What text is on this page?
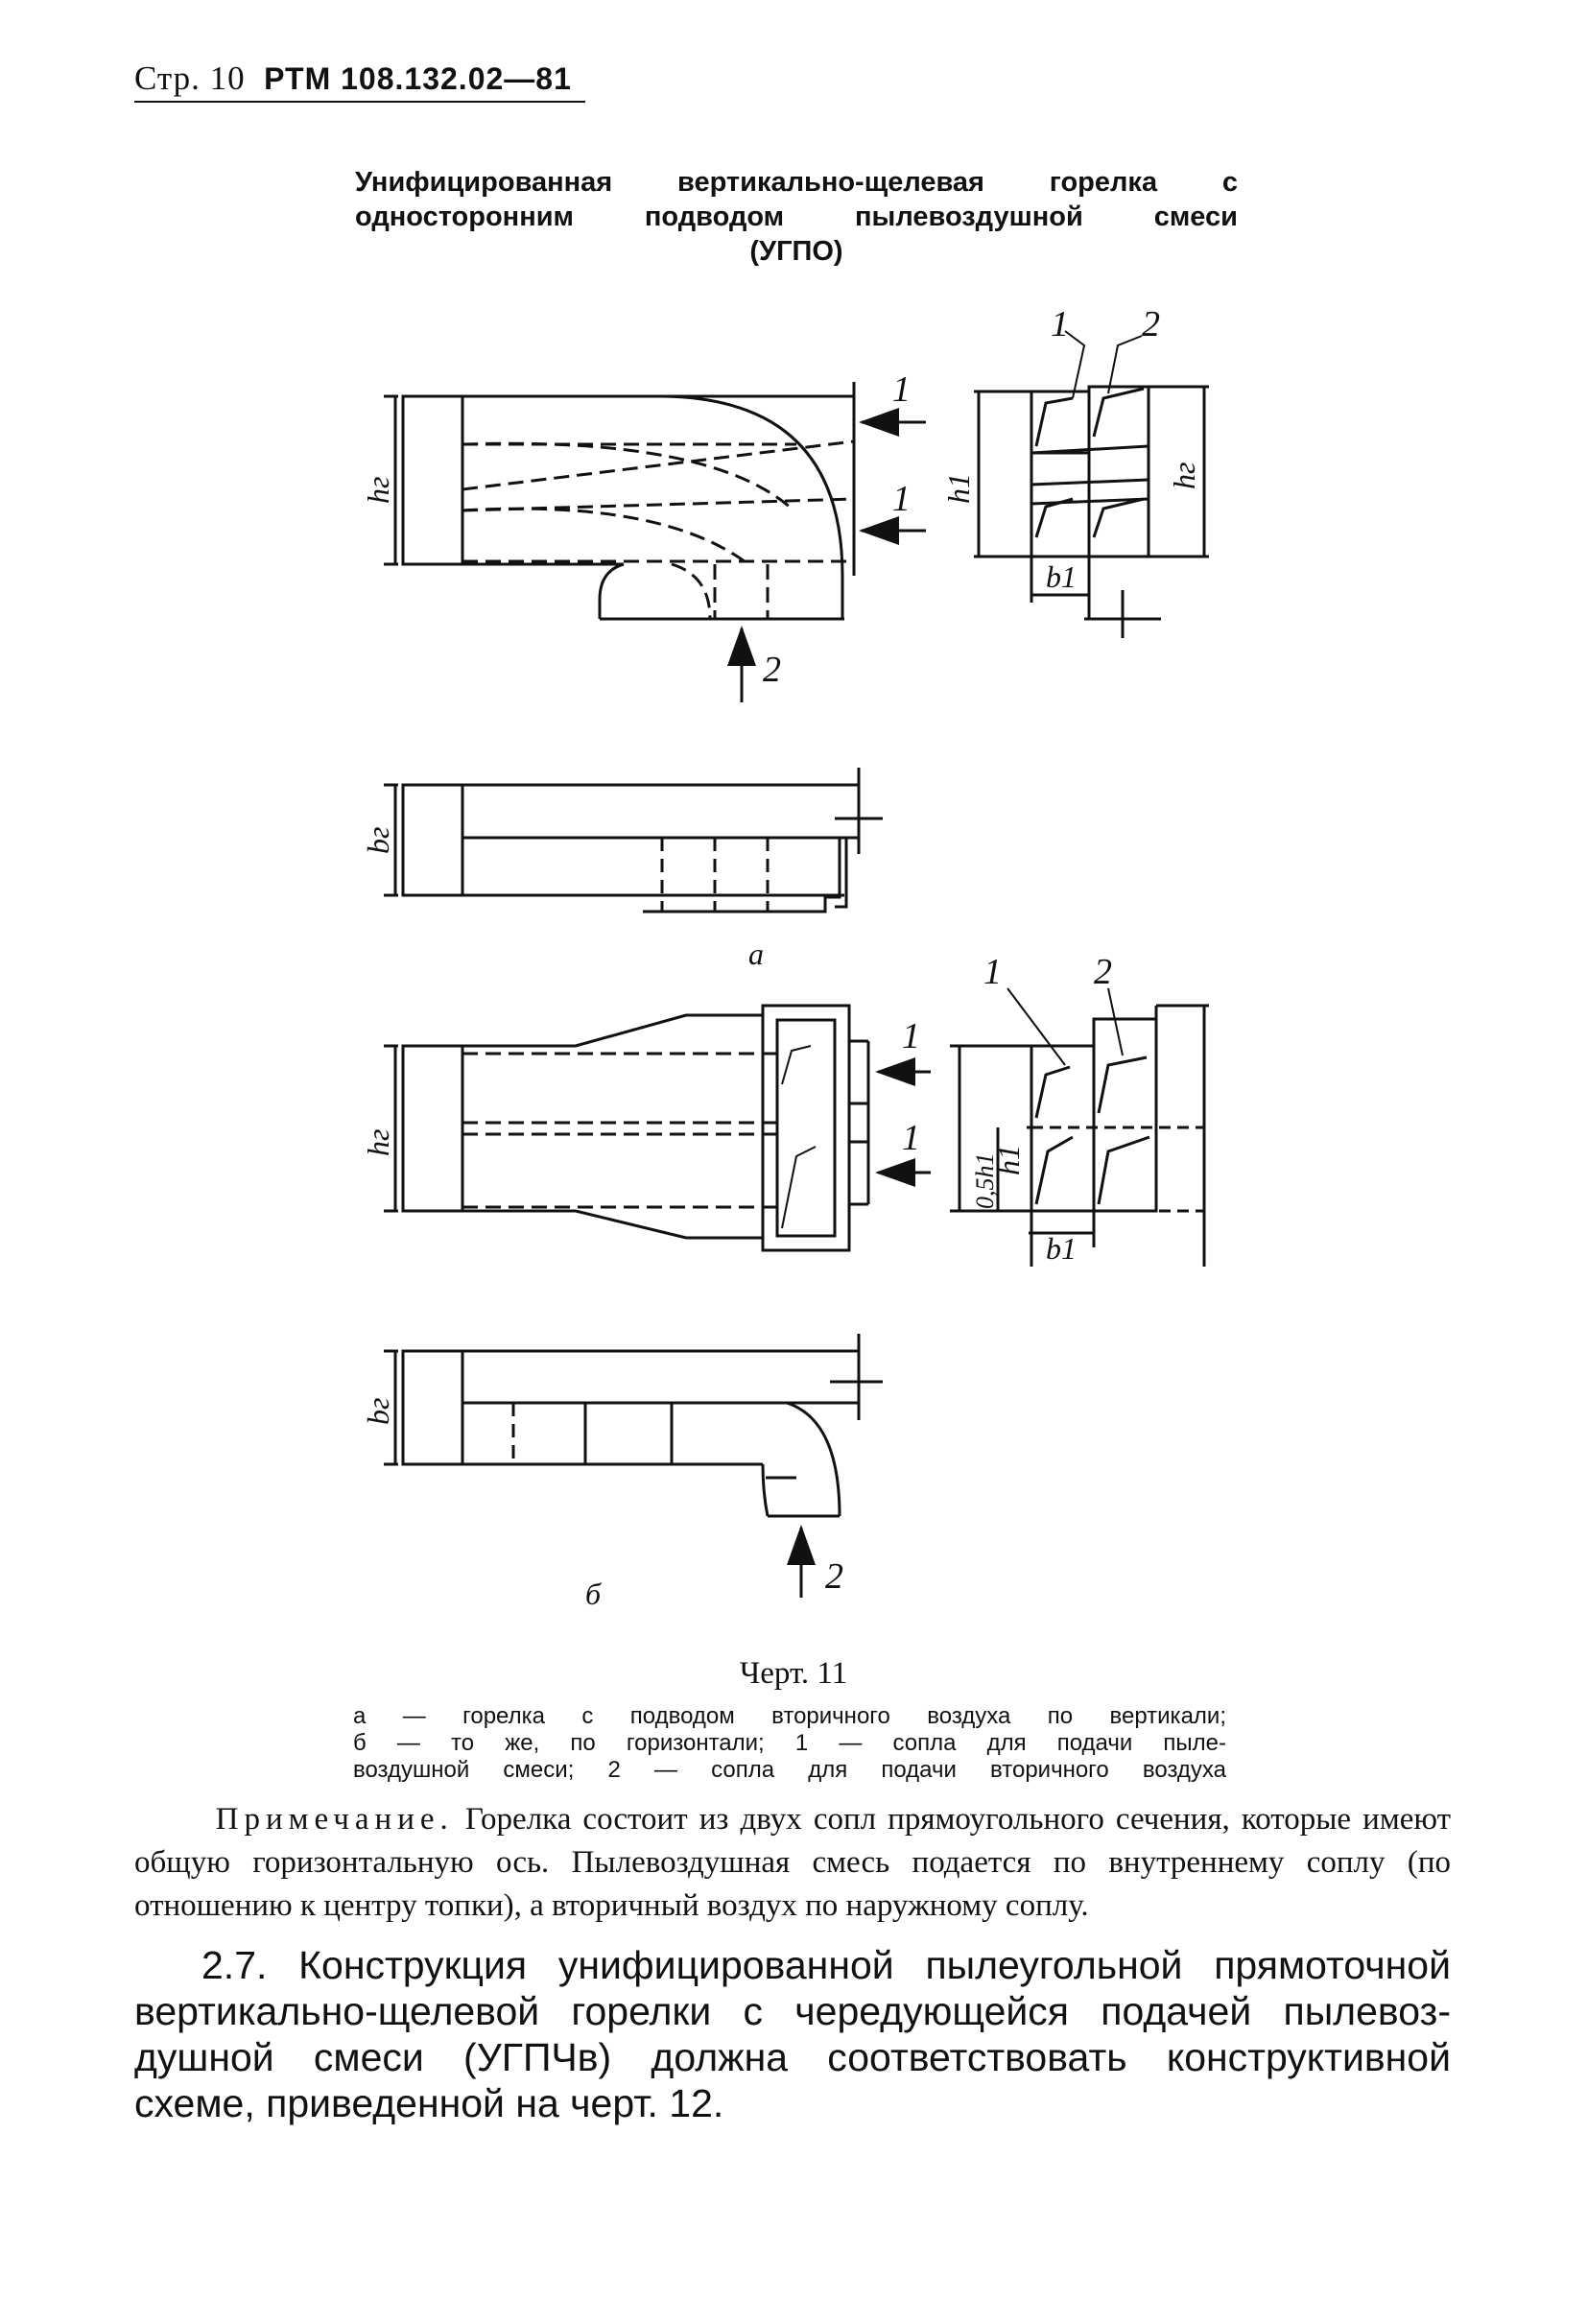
Стр. 10 РТМ 108.132.02—81
Унифицированная вертикально-щелевая горелка с
односторонним подводом пылевоздушной смеси
(УГПО)
1
1
2
1 2
1
1
1	2
2
а
б
hг
hг
bг
bг
h1	hг
b1
h1
0,5h1
b1
Черт. 11
а — горелка с подводом вторичного воздуха по вертикали;
б — то же, по горизонтали; 1 — сопла для подачи пыле-
воздушной смеси; 2 — сопла для подачи вторичного воздуха
Примечание. Горелка состоит из двух сопл прямоугольного сечения, которые имеют общую горизонтальную ось. Пылевоздушная смесь подается по внутреннему соплу (по отношению к центру топки), а вторичный воздух по наружному соплу.
2.7. Конструкция унифицированной пылеугольной прямоточной
вертикально-щелевой горелки с чередующейся подачей пылевоз-
душной смеси (УГПЧв) должна соответствовать конструктивной
схеме, приведенной на черт. 12.
